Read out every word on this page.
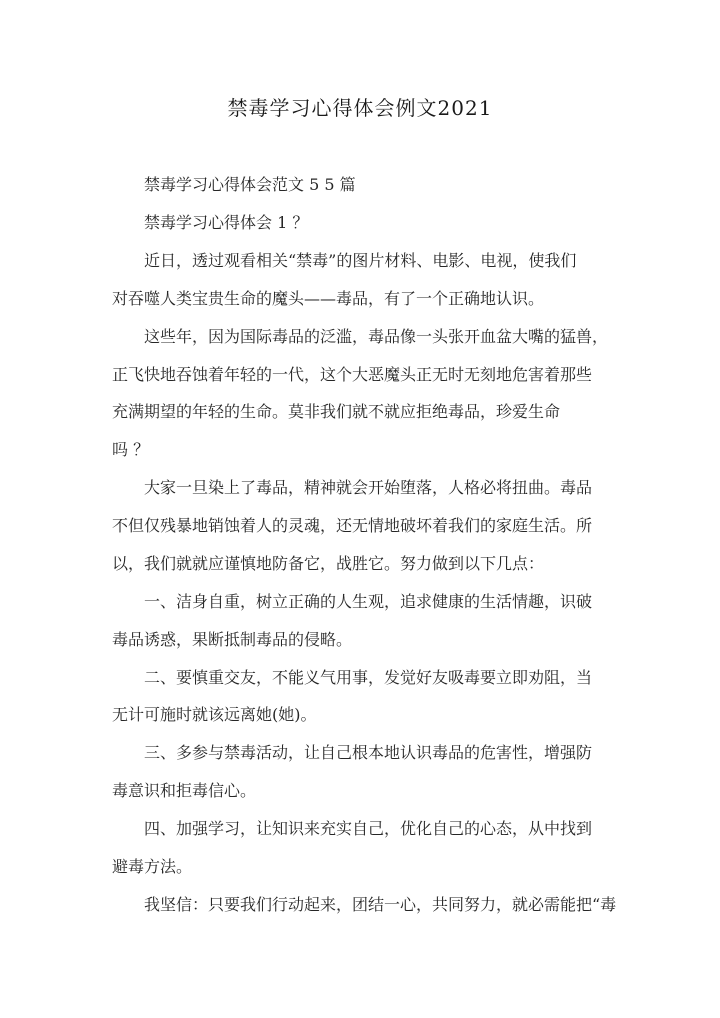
禁毒学习心得体会例文2021
禁毒学习心得体会范文 5 5 篇
禁毒学习心得体会 1 ？
近日，透过观看相关“禁毒”的图片材料、电影、电视，使我们
对吞噬人类宝贵生命的魔头——毒品，有了一个正确地认识。
这些年，因为国际毒品的泛滥，毒品像一头张开血盆大嘴的猛兽，
正飞快地吞蚀着年轻的一代，这个大恶魔头正无时无刻地危害着那些
充满期望的年轻的生命。莫非我们就不就应拒绝毒品，珍爱生命
吗 ？
大家一旦染上了毒品，精神就会开始堕落，人格必将扭曲。毒品
不但仅残暴地销蚀着人的灵魂，还无情地破坏着我们的家庭生活。所
以，我们就就应谨慎地防备它，战胜它。努力做到以下几点：
一、洁身自重，树立正确的人生观，追求健康的生活情趣，识破
毒品诱惑，果断抵制毒品的侵略。
二、要慎重交友，不能义气用事，发觉好友吸毒要立即劝阻，当
无计可施时就该远离她(她)。
三、多参与禁毒活动，让自己根本地认识毒品的危害性，增强防
毒意识和拒毒信心。
四、加强学习，让知识来充实自己，优化自己的心态，从中找到
避毒方法。
我坚信：只要我们行动起来，团结一心，共同努力，就必需能把“毒
